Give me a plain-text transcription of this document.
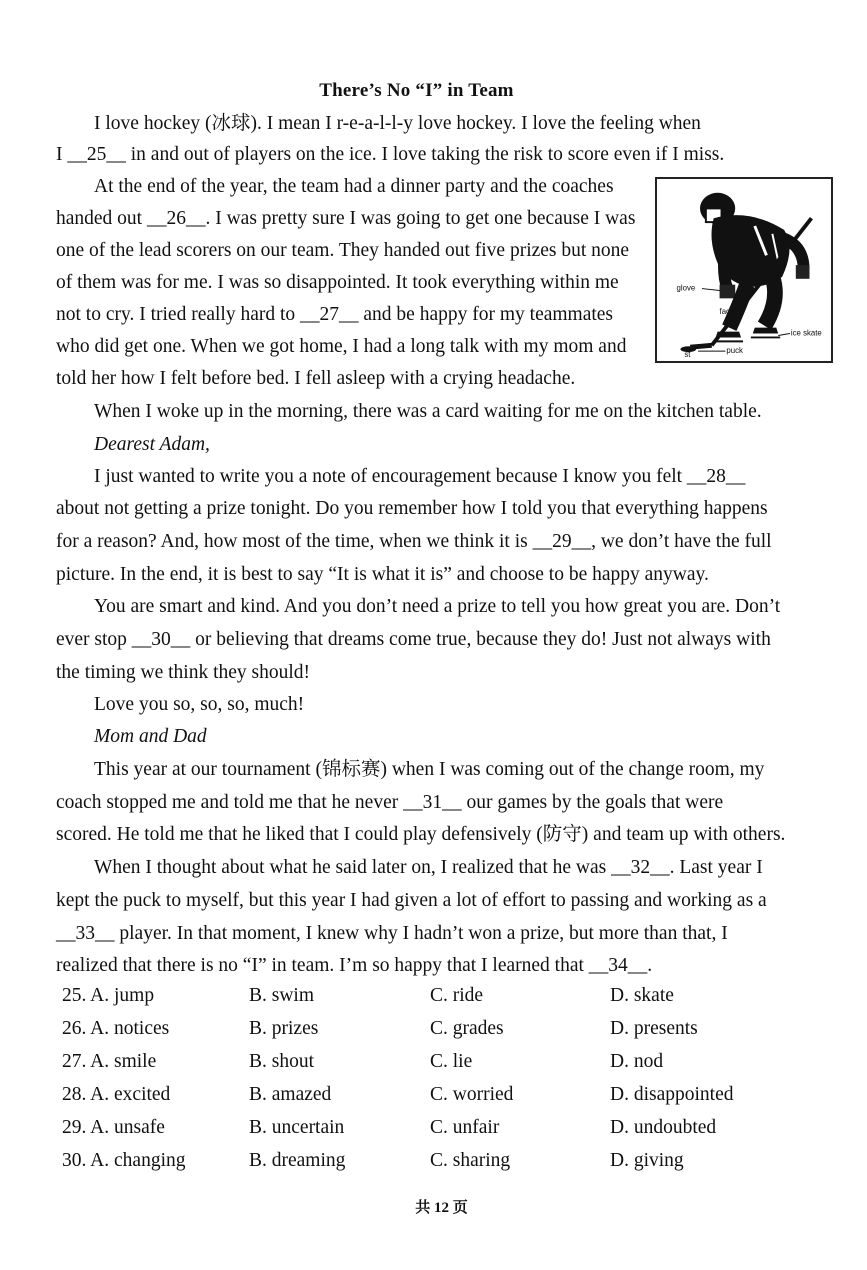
There’s No “I” in Team
I love hockey (冰球). I mean I r-e-a-l-l-y love hockey. I love the feeling when
I __25__ in and out of players on the ice. I love taking the risk to score even if I miss.
At the end of the year, the team had a dinner party and the coaches
handed out __26__. I was pretty sure I was going to get one because I was
one of the lead scorers on our team. They handed out five prizes but none
of them was for me. I was so disappointed. It took everything within me
not to cry. I tried really hard to __27__ and be happy for my teammates
who did get one. When we got home, I had a long talk with my mom and
told her how I felt before bed. I fell asleep with a crying headache.
When I woke up in the morning, there was a card waiting for me on the kitchen table.
Dearest Adam,
I just wanted to write you a note of encouragement because I know you felt __28__
about not getting a prize tonight. Do you remember how I told you that everything happens
for a reason? And, how most of the time, when we think it is __29__, we don’t have the full
picture. In the end, it is best to say “It is what it is” and choose to be happy anyway.
You are smart and kind. And you don’t need a prize to tell you how great you are. Don’t
ever stop __30__ or believing that dreams come true, because they do! Just not always with
the timing we think they should!
Love you so, so, so, much!
Mom and Dad
This year at our tournament (锦标赛) when I was coming out of the change room, my
coach stopped me and told me that he never __31__ our games by the goals that were
scored. He told me that he liked that I could play defensively (防守) and team up with others.
When I thought about what he said later on, I realized that he was __32__. Last year I
kept the puck to myself, but this year I had given a lot of effort to passing and working as a
__33__ player. In that moment, I knew why I hadn’t won a prize, but more than that, I
realized that there is no “I” in team. I’m so happy that I learned that __34__.
glove
ice skate
puck
face
st
25. A. jump	B. swim	C. ride	D. skate
26. A. notices	B. prizes	C. grades	D. presents
27. A. smile	B. shout	C. lie	D. nod
28. A. excited	B. amazed	C. worried	D. disappointed
29. A. unsafe	B. uncertain	C. unfair	D. undoubted
30. A. changing	B. dreaming	C. sharing	D. giving
共 12 页
